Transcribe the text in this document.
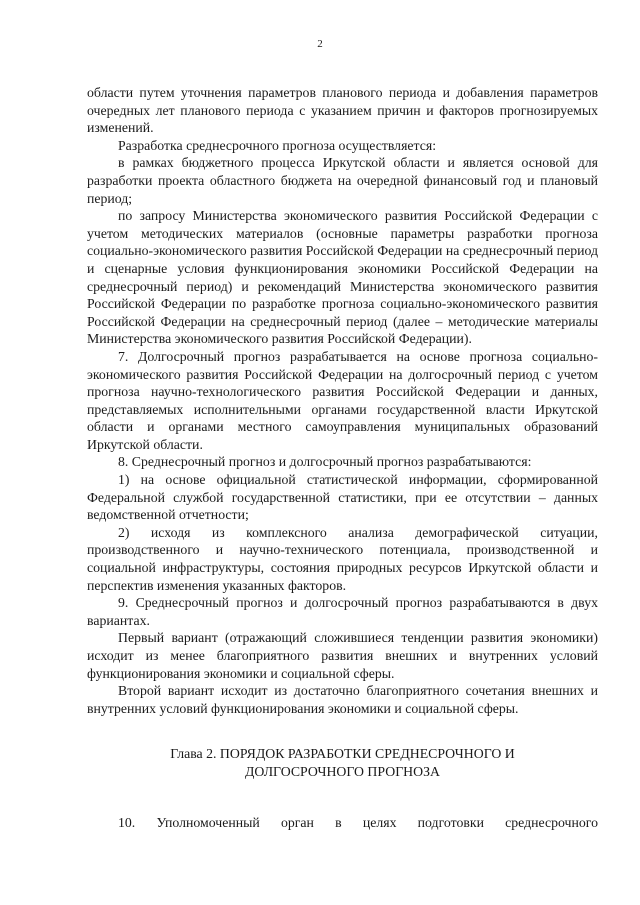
2

области путем уточнения параметров планового периода и добавления параметров очередных лет планового периода с указанием причин и факторов прогнозируемых изменений.

Разработка среднесрочного прогноза осуществляется:

в рамках бюджетного процесса Иркутской области и является основой для разработки проекта областного бюджета на очередной финансовый год и плановый период;

по запросу Министерства экономического развития Российской Федерации с учетом методических материалов (основные параметры разработки прогноза социально-экономического развития Российской Федерации на среднесрочный период и сценарные условия функционирования экономики Российской Федерации на среднесрочный период) и рекомендаций Министерства экономического развития Российской Федерации по разработке прогноза социально-экономического развития Российской Федерации на среднесрочный период (далее – методические материалы Министерства экономического развития Российской Федерации).

7. Долгосрочный прогноз разрабатывается на основе прогноза социально-экономического развития Российской Федерации на долгосрочный период с учетом прогноза научно-технологического развития Российской Федерации и данных, представляемых исполнительными органами государственной власти Иркутской области и органами местного самоуправления муниципальных образований Иркутской области.

8. Среднесрочный прогноз и долгосрочный прогноз разрабатываются:

1) на основе официальной статистической информации, сформированной Федеральной службой государственной статистики, при ее отсутствии – данных ведомственной отчетности;

2) исходя из комплексного анализа демографической ситуации, производственного и научно-технического потенциала, производственной и социальной инфраструктуры, состояния природных ресурсов Иркутской области и перспектив изменения указанных факторов.

9. Среднесрочный прогноз и долгосрочный прогноз разрабатываются в двух вариантах.

Первый вариант (отражающий сложившиеся тенденции развития экономики) исходит из менее благоприятного развития внешних и внутренних условий функционирования экономики и социальной сферы.

Второй вариант исходит из достаточно благоприятного сочетания внешних и внутренних условий функционирования экономики и социальной сферы.

Глава 2. ПОРЯДОК РАЗРАБОТКИ СРЕДНЕСРОЧНОГО И
ДОЛГОСРОЧНОГО ПРОГНОЗА

10. Уполномоченный орган в целях подготовки среднесрочного
